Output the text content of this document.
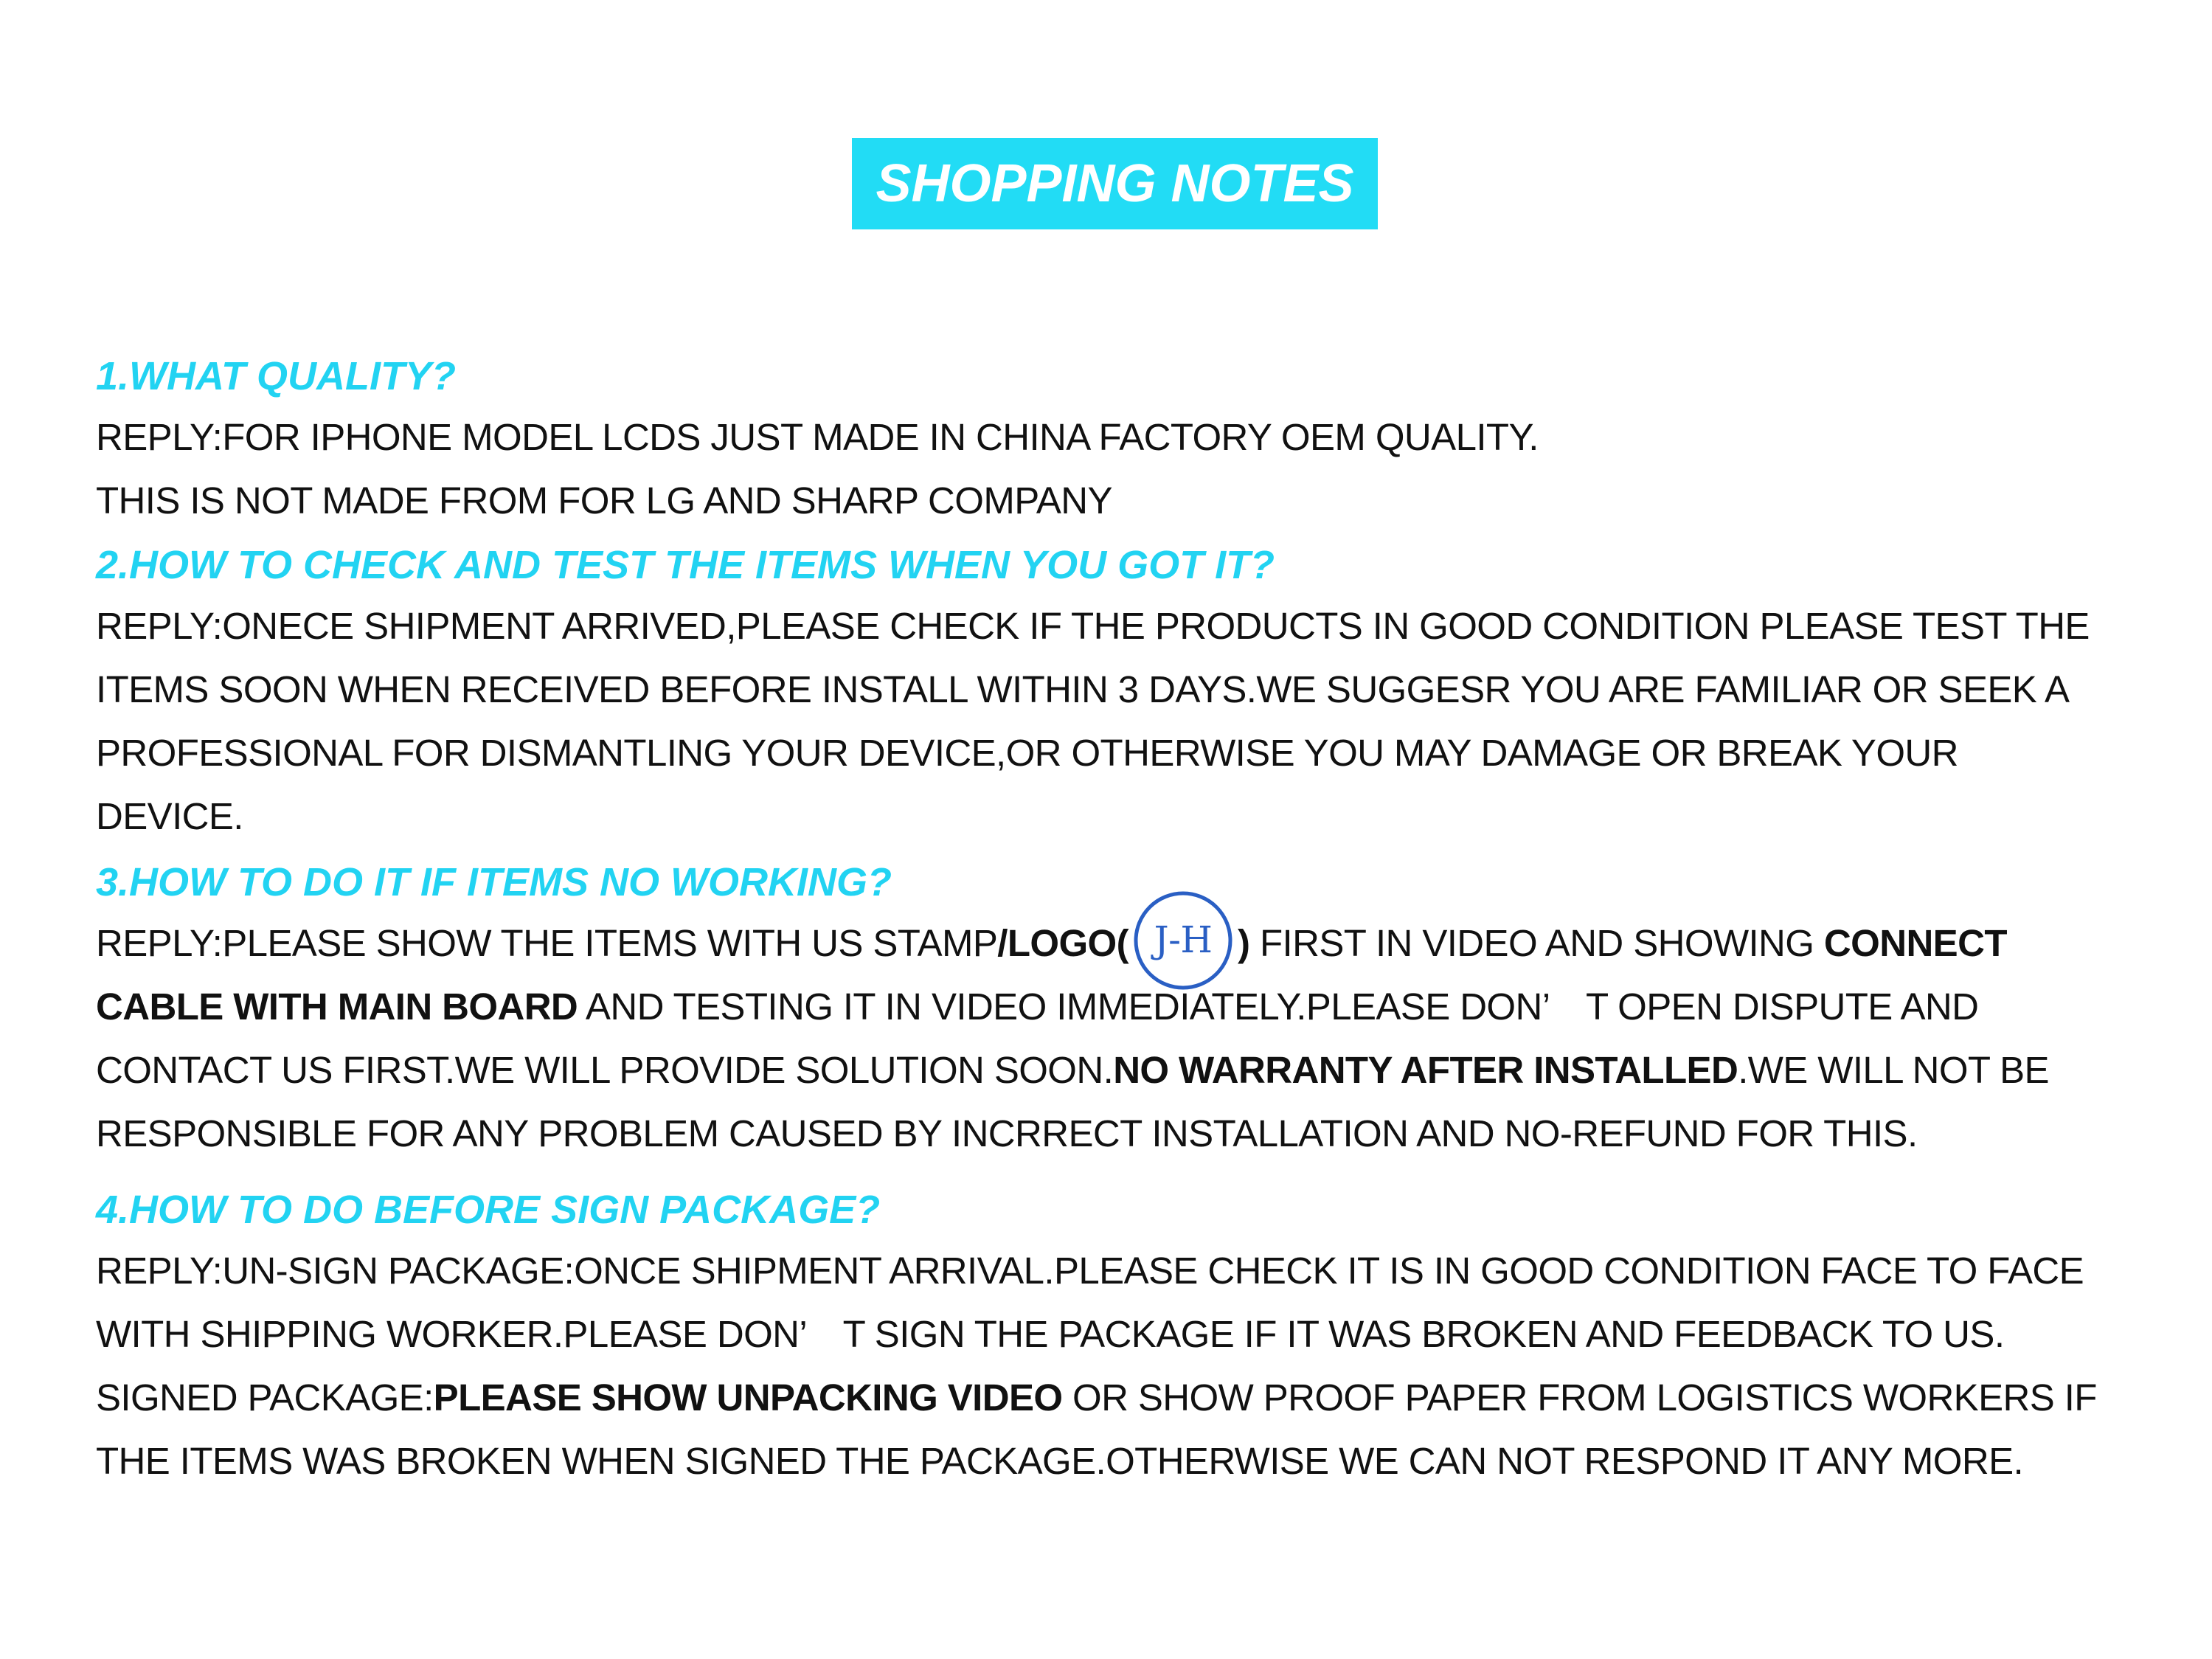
SHOPPING NOTES

1.WHAT QUALITY?

REPLY:FOR IPHONE MODEL LCDS JUST MADE IN CHINA FACTORY OEM QUALITY.
THIS IS NOT MADE FROM FOR LG AND SHARP COMPANY

2.HOW TO CHECK AND TEST THE ITEMS WHEN YOU GOT IT?

REPLY:ONECE SHIPMENT ARRIVED,PLEASE CHECK IF THE PRODUCTS IN GOOD CONDITION PLEASE TEST THE
ITEMS SOON WHEN RECEIVED BEFORE INSTALL WITHIN 3 DAYS.WE SUGGESR YOU ARE FAMILIAR OR SEEK A
PROFESSIONAL FOR DISMANTLING YOUR DEVICE,OR OTHERWISE YOU MAY DAMAGE OR BREAK YOUR
DEVICE.

3.HOW TO DO IT IF ITEMS NO WORKING?

REPLY:PLEASE SHOW THE ITEMS WITH US STAMP/LOGO( J-H ) FIRST IN VIDEO AND SHOWING CONNECT
CABLE WITH MAIN BOARD AND TESTING IT IN VIDEO IMMEDIATELY.PLEASE DON’　T OPEN DISPUTE AND
CONTACT US FIRST.WE WILL PROVIDE SOLUTION SOON.NO WARRANTY AFTER INSTALLED.WE WILL NOT BE
RESPONSIBLE FOR ANY PROBLEM CAUSED BY INCRRECT INSTALLATION AND NO-REFUND FOR THIS.

4.HOW TO DO BEFORE SIGN PACKAGE?

REPLY:UN-SIGN PACKAGE:ONCE SHIPMENT ARRIVAL.PLEASE CHECK IT IS IN GOOD CONDITION FACE TO FACE
WITH SHIPPING WORKER.PLEASE DON’　T SIGN THE PACKAGE IF IT WAS BROKEN AND FEEDBACK TO US.
SIGNED PACKAGE:PLEASE SHOW UNPACKING VIDEO OR SHOW PROOF PAPER FROM LOGISTICS WORKERS IF
THE ITEMS WAS BROKEN WHEN SIGNED THE PACKAGE.OTHERWISE WE CAN NOT RESPOND IT ANY MORE.
